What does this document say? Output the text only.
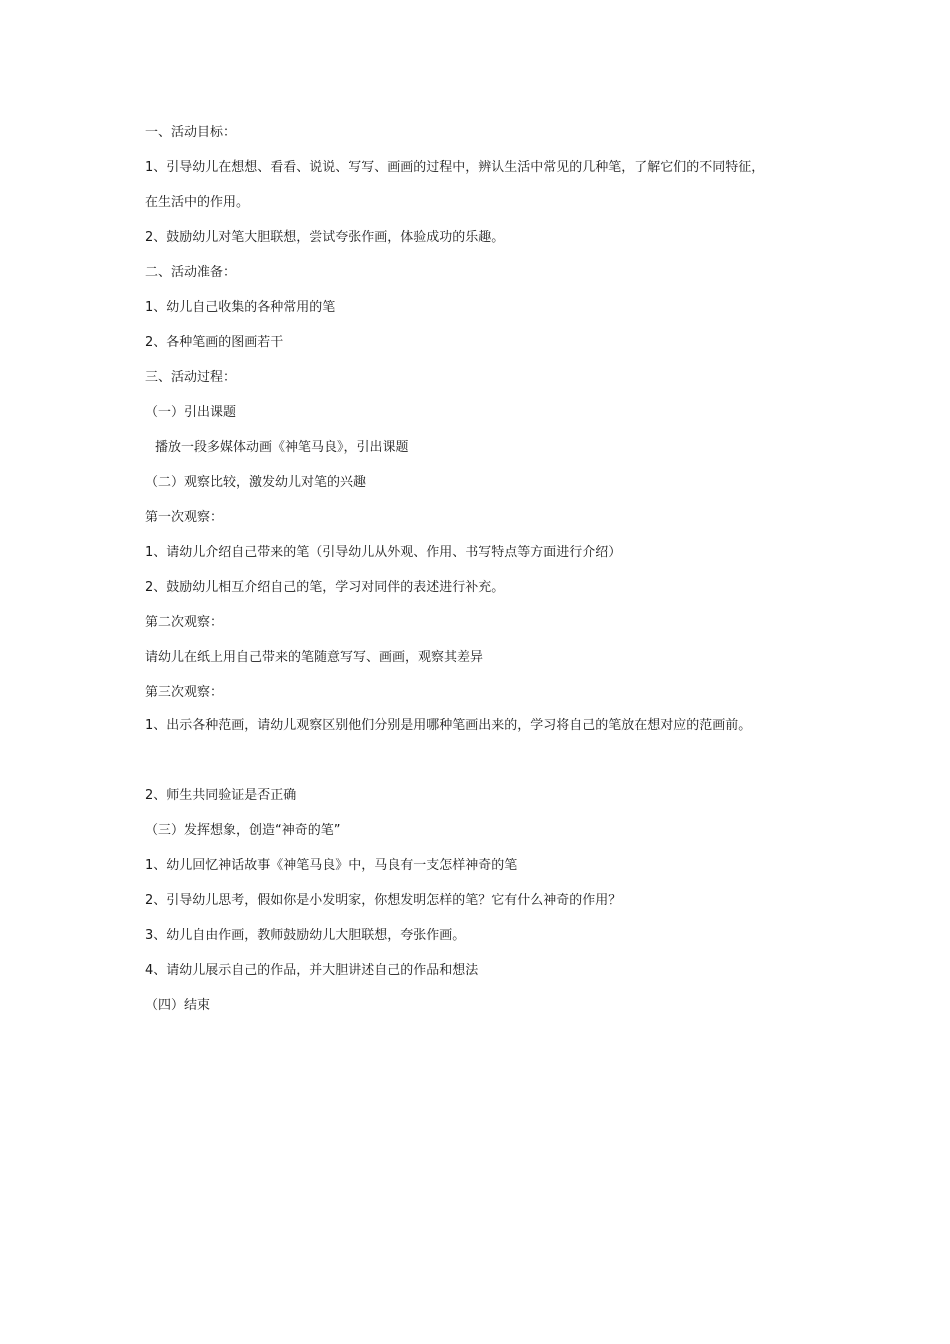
一、活动目标：
1、引导幼儿在想想、看看、说说、写写、画画的过程中，辨认生活中常见的几种笔，了解它们的不同特征，
在生活中的作用。
2、鼓励幼儿对笔大胆联想，尝试夸张作画，体验成功的乐趣。
二、活动准备：
1、幼儿自己收集的各种常用的笔
2、各种笔画的图画若干
三、活动过程：
（一）引出课题
播放一段多媒体动画《神笔马良》，引出课题
（二）观察比较，激发幼儿对笔的兴趣
第一次观察：
1、请幼儿介绍自己带来的笔（引导幼儿从外观、作用、书写特点等方面进行介绍）
2、鼓励幼儿相互介绍自己的笔，学习对同伴的表述进行补充。
第二次观察：
请幼儿在纸上用自己带来的笔随意写写、画画，观察其差异
第三次观察：
1、出示各种范画，请幼儿观察区别他们分别是用哪种笔画出来的，学习将自己的笔放在想对应的范画前。
2、师生共同验证是否正确
（三）发挥想象，创造“神奇的笔”
1、幼儿回忆神话故事《神笔马良》中，马良有一支怎样神奇的笔
2、引导幼儿思考，假如你是小发明家，你想发明怎样的笔？它有什么神奇的作用？
3、幼儿自由作画，教师鼓励幼儿大胆联想，夸张作画。
4、请幼儿展示自己的作品，并大胆讲述自己的作品和想法
（四）结束
